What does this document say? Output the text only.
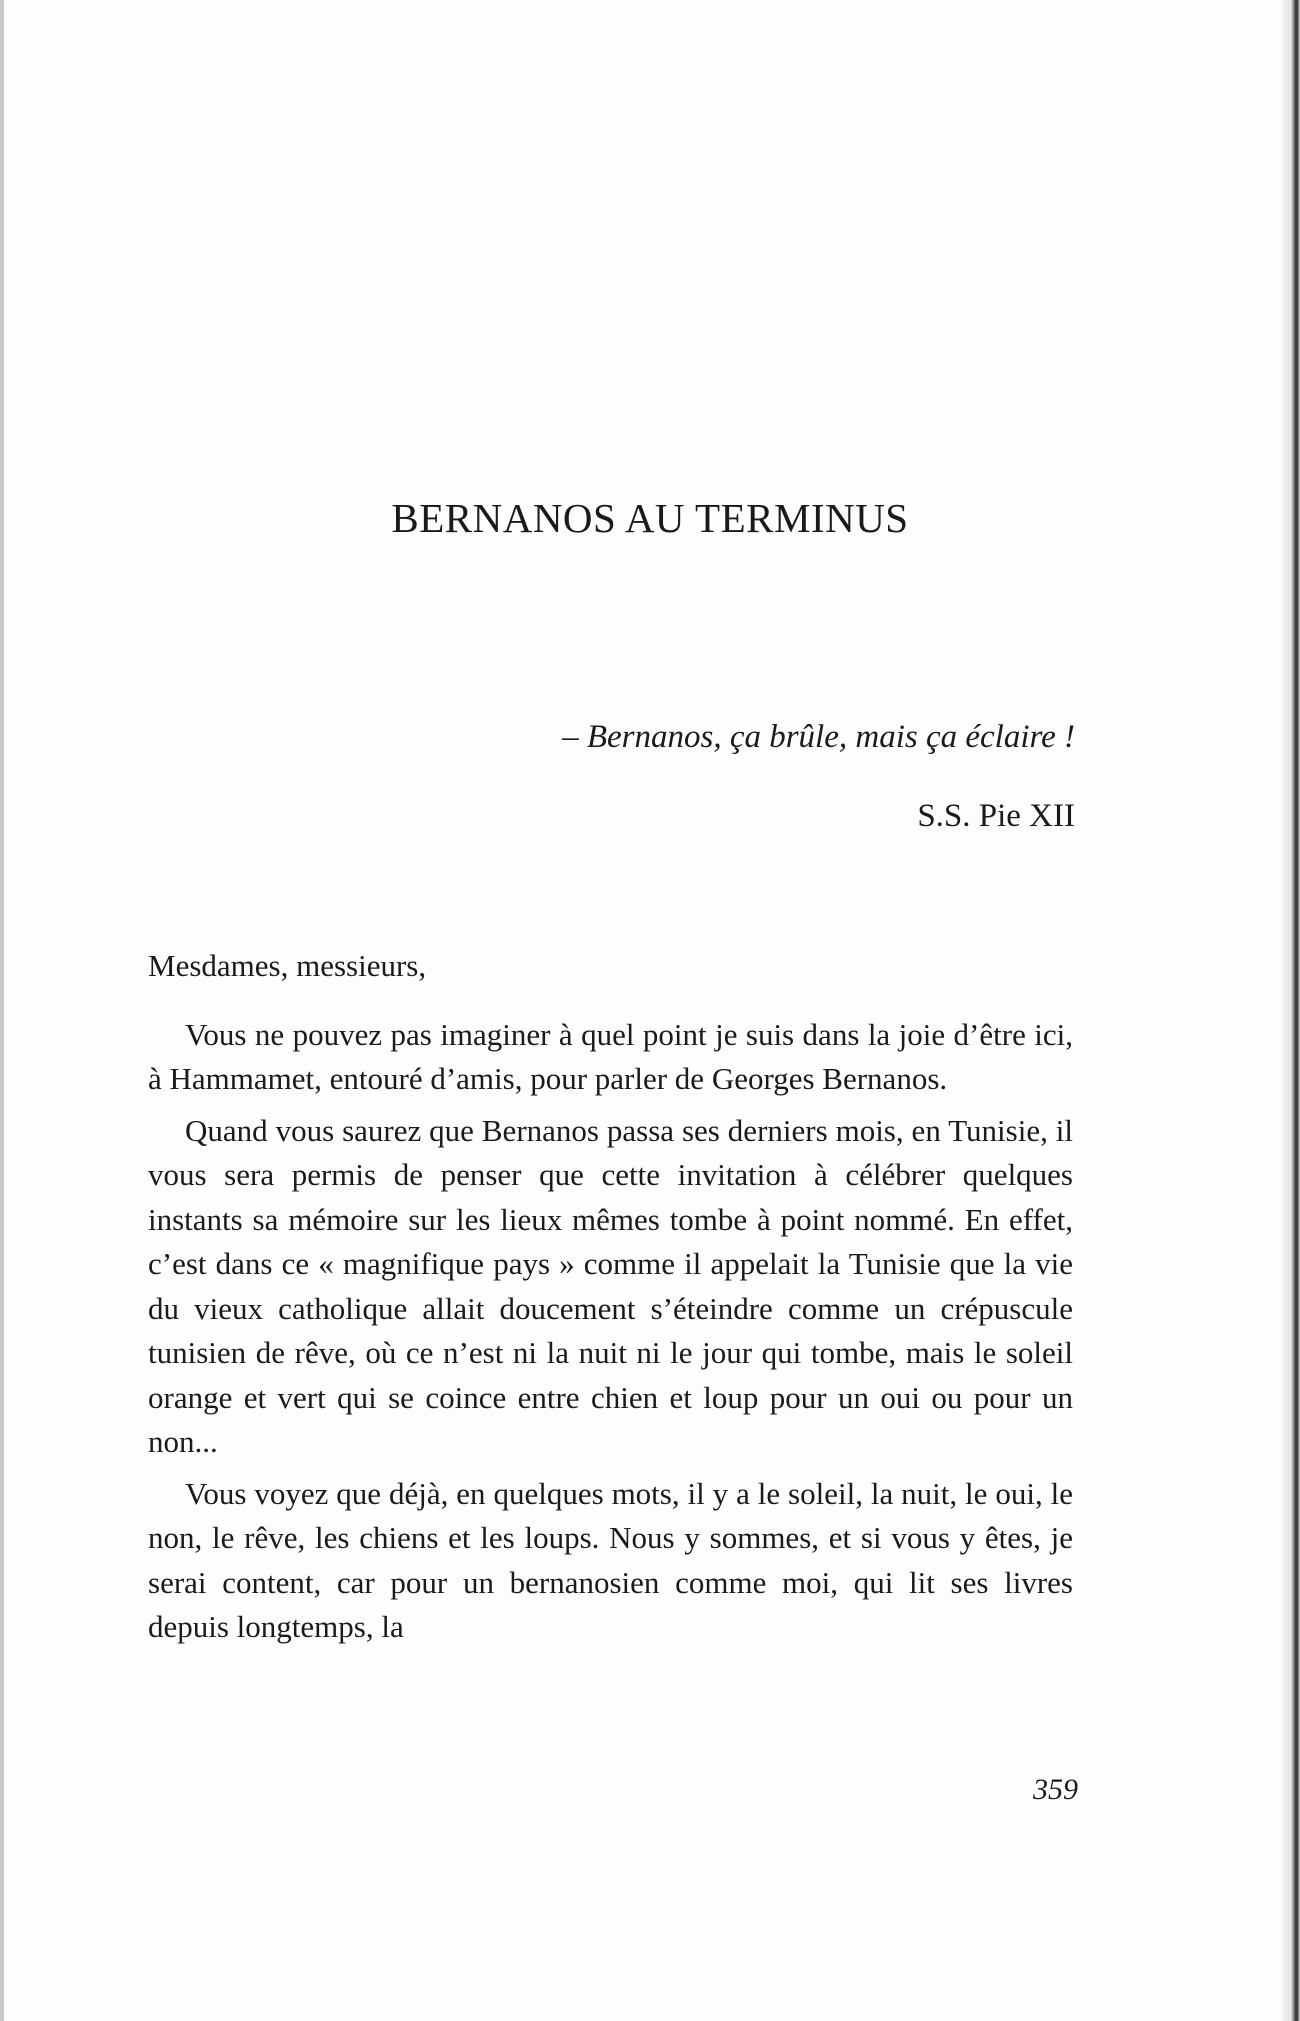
BERNANOS AU TERMINUS
– Bernanos, ça brûle, mais ça éclaire !
S.S. Pie XII

Mesdames, messieurs,

Vous ne pouvez pas imaginer à quel point je suis dans la joie d’être ici, à Hammamet, entouré d’amis, pour parler de Georges Bernanos.

Quand vous saurez que Bernanos passa ses derniers mois, en Tunisie, il vous sera permis de penser que cette invitation à célébrer quelques instants sa mémoire sur les lieux mêmes tombe à point nommé. En effet, c’est dans ce « magnifique pays » comme il appelait la Tunisie que la vie du vieux catholique allait doucement s’éteindre comme un crépuscule tunisien de rêve, où ce n’est ni la nuit ni le jour qui tombe, mais le soleil orange et vert qui se coince entre chien et loup pour un oui ou pour un non...

Vous voyez que déjà, en quelques mots, il y a le soleil, la nuit, le oui, le non, le rêve, les chiens et les loups. Nous y sommes, et si vous y êtes, je serai content, car pour un bernanosien comme moi, qui lit ses livres depuis longtemps, la

359
